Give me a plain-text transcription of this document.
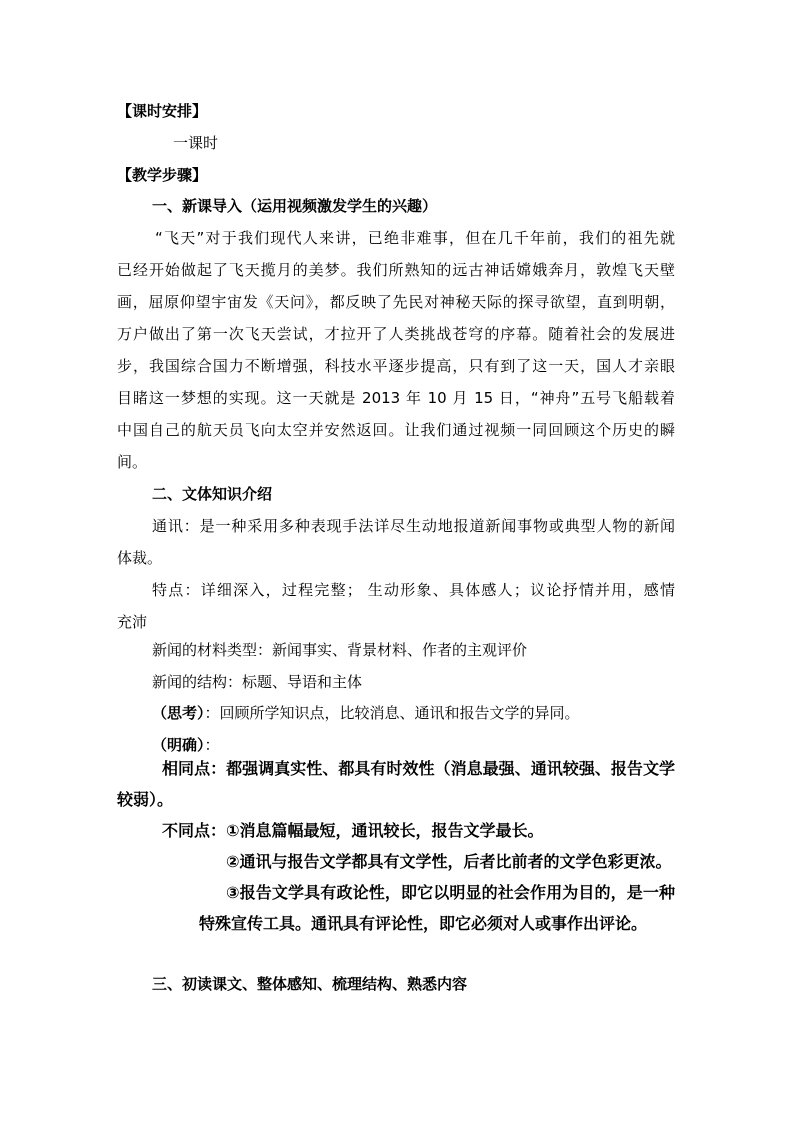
【课时安排】
一课时
【教学步骤】
一、新课导入（运用视频激发学生的兴趣）
“飞天”对于我们现代人来讲，已绝非难事，但在几千年前，我们的祖先就
已经开始做起了飞天揽月的美梦。我们所熟知的远古神话嫦娥奔月，敦煌飞天壁
画，屈原仰望宇宙发《天问》，都反映了先民对神秘天际的探寻欲望，直到明朝，
万户做出了第一次飞天尝试，才拉开了人类挑战苍穹的序幕。随着社会的发展进
步，我国综合国力不断增强，科技水平逐步提高，只有到了这一天，国人才亲眼
目睹这一梦想的实现。这一天就是 2013 年 10 月 15 日，“神舟”五号飞船载着
中国自己的航天员飞向太空并安然返回。让我们通过视频一同回顾这个历史的瞬
间。
二、文体知识介绍
通讯：是一种采用多种表现手法详尽生动地报道新闻事物或典型人物的新闻
体裁。
特点：详细深入，过程完整； 生动形象、具体感人；议论抒情并用，感情
充沛
新闻的材料类型：新闻事实、背景材料、作者的主观评价
新闻的结构：标题、导语和主体
（思考）：回顾所学知识点，比较消息、通讯和报告文学的异同。
（明确）：
相同点：都强调真实性、都具有时效性（消息最强、通讯较强、报告文学
较弱）。
不同点：①消息篇幅最短，通讯较长，报告文学最长。
②通讯与报告文学都具有文学性，后者比前者的文学色彩更浓。
③报告文学具有政论性，即它以明显的社会作用为目的，是一种
特殊宣传工具。通讯具有评论性，即它必须对人或事作出评论。
三、初读课文、整体感知、梳理结构、熟悉内容
